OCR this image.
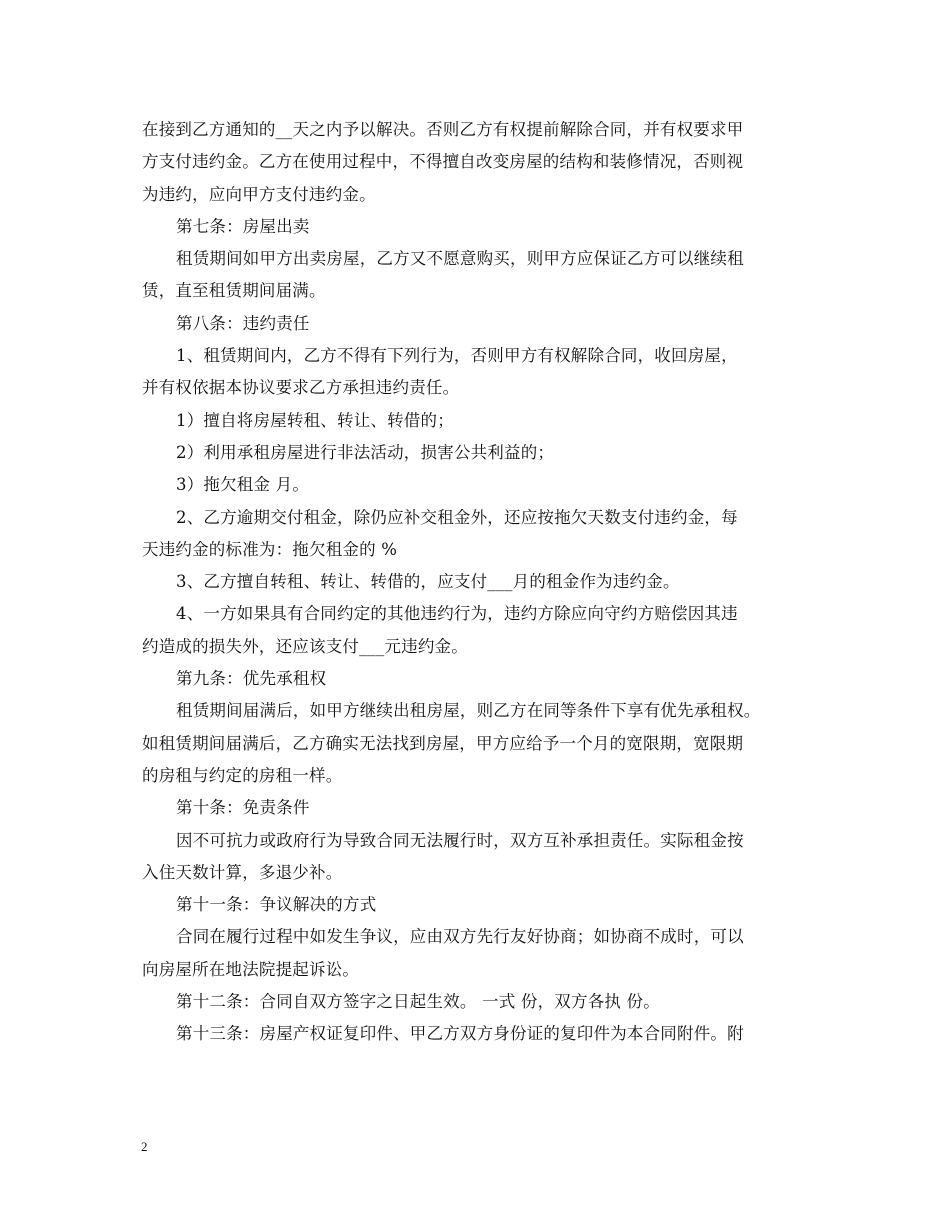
在接到乙方通知的__天之内予以解决。否则乙方有权提前解除合同，并有权要求甲
方支付违约金。乙方在使用过程中，不得擅自改变房屋的结构和装修情况，否则视
为违约，应向甲方支付违约金。
第七条：房屋出卖
租赁期间如甲方出卖房屋，乙方又不愿意购买，则甲方应保证乙方可以继续租
赁，直至租赁期间届满。
第八条：违约责任
1、租赁期间内，乙方不得有下列行为，否则甲方有权解除合同，收回房屋，
并有权依据本协议要求乙方承担违约责任。
1）擅自将房屋转租、转让、转借的；
2）利用承租房屋进行非法活动，损害公共利益的；
3）拖欠租金 月。
2、乙方逾期交付租金，除仍应补交租金外，还应按拖欠天数支付违约金，每
天违约金的标准为：拖欠租金的 %
3、乙方擅自转租、转让、转借的，应支付___月的租金作为违约金。
4、一方如果具有合同约定的其他违约行为，违约方除应向守约方赔偿因其违
约造成的损失外，还应该支付___元违约金。
第九条：优先承租权
租赁期间届满后，如甲方继续出租房屋，则乙方在同等条件下享有优先承租权。
如租赁期间届满后，乙方确实无法找到房屋，甲方应给予一个月的宽限期，宽限期
的房租与约定的房租一样。
第十条：免责条件
因不可抗力或政府行为导致合同无法履行时，双方互补承担责任。实际租金按
入住天数计算，多退少补。
第十一条：争议解决的方式
合同在履行过程中如发生争议，应由双方先行友好协商；如协商不成时，可以
向房屋所在地法院提起诉讼。
第十二条：合同自双方签字之日起生效。 一式 份，双方各执 份。
第十三条：房屋产权证复印件、甲乙方双方身份证的复印件为本合同附件。附
2
